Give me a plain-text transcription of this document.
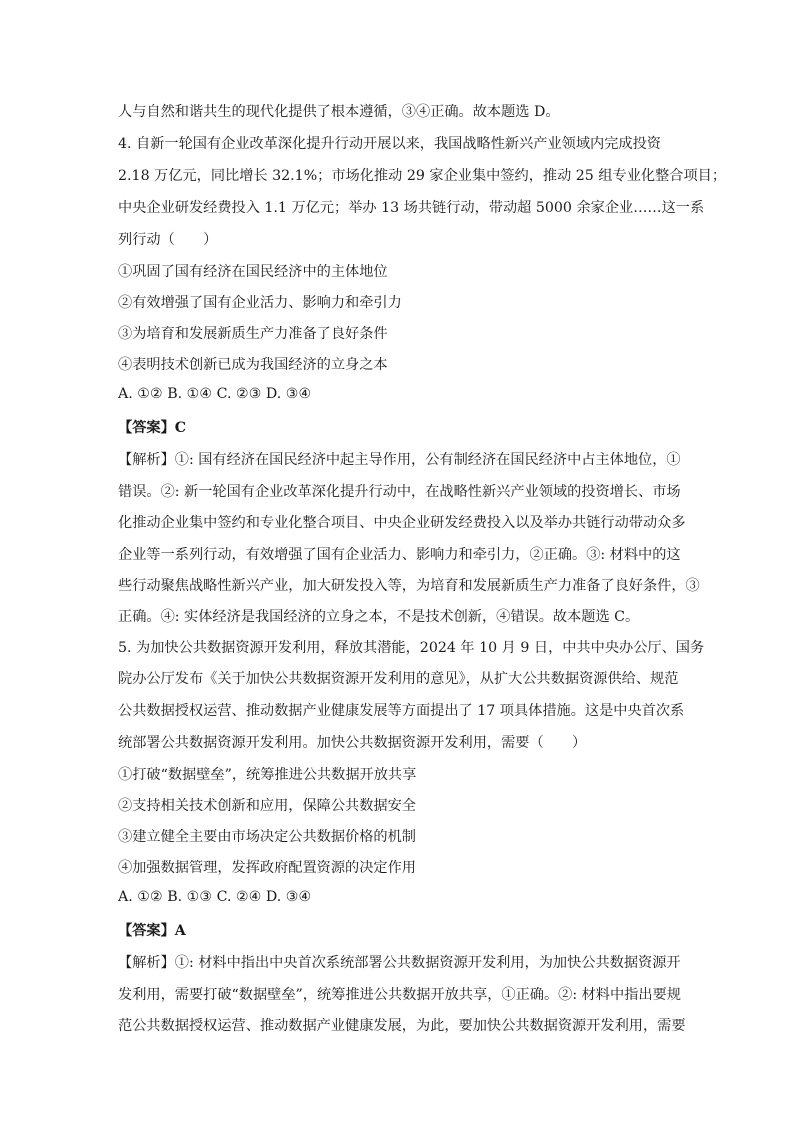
人与自然和谐共生的现代化提供了根本遵循，③④正确。故本题选 D。
4. 自新一轮国有企业改革深化提升行动开展以来，我国战略性新兴产业领域内完成投资
2.18 万亿元，同比增长 32.1%；市场化推动 29 家企业集中签约，推动 25 组专业化整合项目；
中央企业研发经费投入 1.1 万亿元；举办 13 场共链行动，带动超 5000 余家企业……这一系
列行动（　　）
①巩固了国有经济在国民经济中的主体地位
②有效增强了国有企业活力、影响力和牵引力
③为培育和发展新质生产力准备了良好条件
④表明技术创新已成为我国经济的立身之本
A. ①② B. ①④ C. ②③ D. ③④
【答案】C
【解析】①: 国有经济在国民经济中起主导作用，公有制经济在国民经济中占主体地位，①
错误。②: 新一轮国有企业改革深化提升行动中，在战略性新兴产业领域的投资增长、市场
化推动企业集中签约和专业化整合项目、中央企业研发经费投入以及举办共链行动带动众多
企业等一系列行动，有效增强了国有企业活力、影响力和牵引力，②正确。③: 材料中的这
些行动聚焦战略性新兴产业，加大研发投入等，为培育和发展新质生产力准备了良好条件，③
正确。④: 实体经济是我国经济的立身之本，不是技术创新，④错误。故本题选 C。
5. 为加快公共数据资源开发利用，释放其潜能，2024 年 10 月 9 日，中共中央办公厅、国务
院办公厅发布《关于加快公共数据资源开发利用的意见》，从扩大公共数据资源供给、规范
公共数据授权运营、推动数据产业健康发展等方面提出了 17 项具体措施。这是中央首次系
统部署公共数据资源开发利用。加快公共数据资源开发利用，需要（　　）
①打破“数据壁垒”，统筹推进公共数据开放共享
②支持相关技术创新和应用，保障公共数据安全
③建立健全主要由市场决定公共数据价格的机制
④加强数据管理，发挥政府配置资源的决定作用
A. ①② B. ①③ C. ②④ D. ③④
【答案】A
【解析】①: 材料中指出中央首次系统部署公共数据资源开发利用，为加快公共数据资源开
发利用，需要打破“数据壁垒”，统筹推进公共数据开放共享，①正确。②: 材料中指出要规
范公共数据授权运营、推动数据产业健康发展，为此，要加快公共数据资源开发利用，需要
